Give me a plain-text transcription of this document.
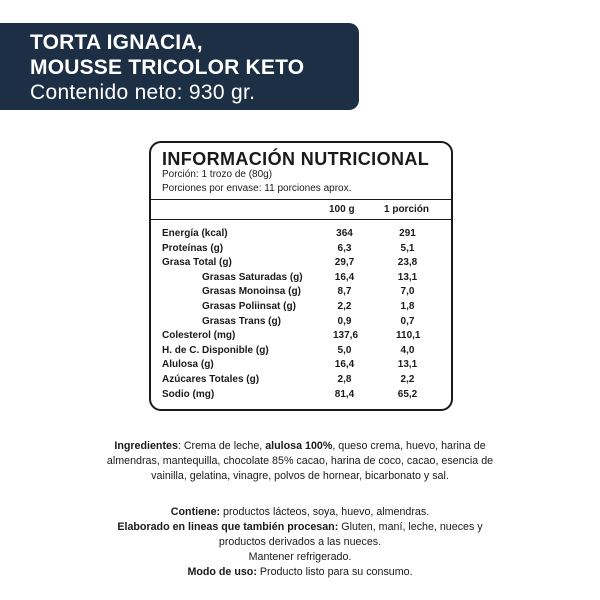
TORTA IGNACIA,
MOUSSE TRICOLOR KETO
Contenido neto: 930 gr.
INFORMACIÓN NUTRICIONAL
Porción: 1 trozo de (80g)
Porciones por envase: 11 porciones aprox.
100 g	1 porción
Energía (kcal)	364	291
Proteínas (g)	6,3	5,1
Grasa Total (g)	29,7	23,8
Grasas Saturadas (g)	16,4	13,1
Grasas Monoinsa (g)	8,7	7,0
Grasas Poliinsat (g)	2,2	1,8
Grasas Trans (g)	0,9	0,7
Colesterol (mg)	137,6	110,1
H. de C. Disponible (g)	5,0	4,0
Alulosa (g)	16,4	13,1
Azúcares Totales (g)	2,8	2,2
Sodio (mg)	81,4	65,2
Ingredientes: Crema de leche, alulosa 100%, queso crema, huevo, harina de almendras, mantequilla, chocolate 85% cacao, harina de coco, cacao, esencia de vainilla, gelatina, vinagre, polvos de hornear, bicarbonato y sal.
Contiene: productos lácteos, soya, huevo, almendras.
Elaborado en lineas que también procesan: Gluten, maní, leche, nueces y productos derivados a las nueces.
Mantener refrigerado.
Modo de uso: Producto listo para su consumo.
